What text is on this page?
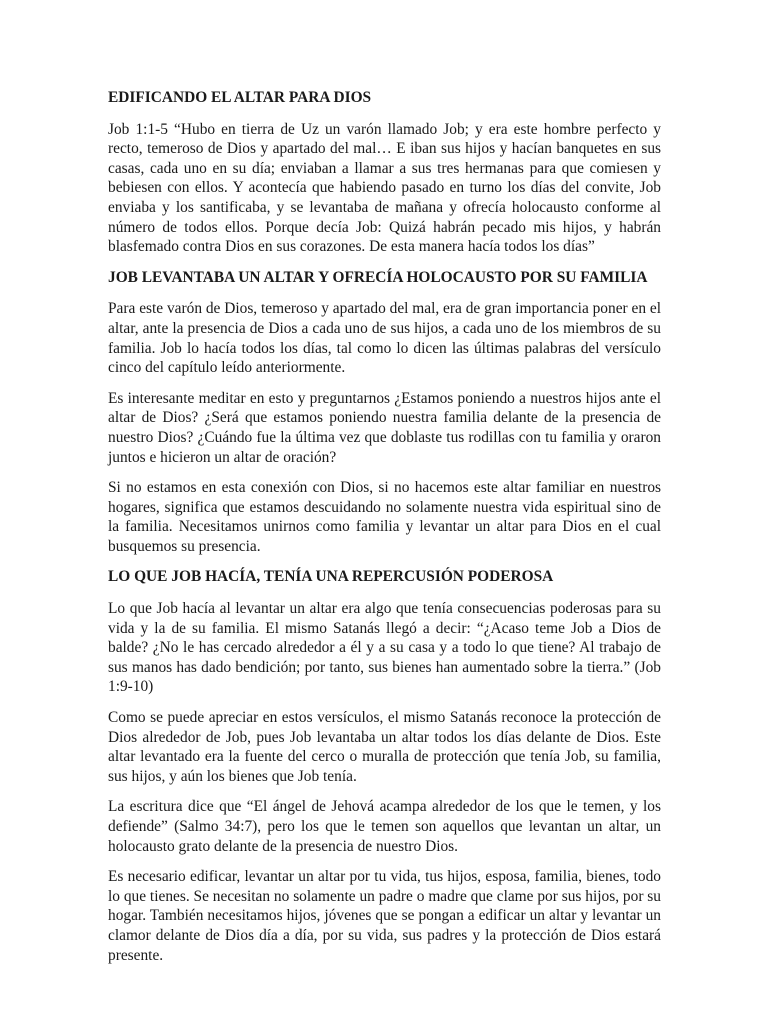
EDIFICANDO EL ALTAR PARA DIOS

Job 1:1-5 “Hubo en tierra de Uz un varón llamado Job; y era este hombre perfecto y recto, temeroso de Dios y apartado del mal… E iban sus hijos y hacían banquetes en sus casas, cada uno en su día; enviaban a llamar a sus tres hermanas para que comiesen y bebiesen con ellos. Y acontecía que habiendo pasado en turno los días del convite, Job enviaba y los santificaba, y se levantaba de mañana y ofrecía holocausto conforme al número de todos ellos. Porque decía Job: Quizá habrán pecado mis hijos, y habrán blasfemado contra Dios en sus corazones. De esta manera hacía todos los días”

JOB LEVANTABA UN ALTAR Y OFRECÍA HOLOCAUSTO POR SU FAMILIA

Para este varón de Dios, temeroso y apartado del mal, era de gran importancia poner en el altar, ante la presencia de Dios a cada uno de sus hijos, a cada uno de los miembros de su familia. Job lo hacía todos los días, tal como lo dicen las últimas palabras del versículo cinco del capítulo leído anteriormente.

Es interesante meditar en esto y preguntarnos ¿Estamos poniendo a nuestros hijos ante el altar de Dios? ¿Será que estamos poniendo nuestra familia delante de la presencia de nuestro Dios? ¿Cuándo fue la última vez que doblaste tus rodillas con tu familia y oraron juntos e hicieron un altar de oración?

Si no estamos en esta conexión con Dios, si no hacemos este altar familiar en nuestros hogares, significa que estamos descuidando no solamente nuestra vida espiritual sino de la familia. Necesitamos unirnos como familia y levantar un altar para Dios en el cual busquemos su presencia.

LO QUE JOB HACÍA, TENÍA UNA REPERCUSIÓN PODEROSA

Lo que Job hacía al levantar un altar era algo que tenía consecuencias poderosas para su vida y la de su familia. El mismo Satanás llegó a decir: “¿Acaso teme Job a Dios de balde? ¿No le has cercado alrededor a él y a su casa y a todo lo que tiene? Al trabajo de sus manos has dado bendición; por tanto, sus bienes han aumentado sobre la tierra.” (Job 1:9-10)

Como se puede apreciar en estos versículos, el mismo Satanás reconoce la protección de Dios alrededor de Job, pues Job levantaba un altar todos los días delante de Dios. Este altar levantado era la fuente del cerco o muralla de protección que tenía Job, su familia, sus hijos, y aún los bienes que Job tenía.

La escritura dice que “El ángel de Jehová acampa alrededor de los que le temen, y los defiende” (Salmo 34:7), pero los que le temen son aquellos que levantan un altar, un holocausto grato delante de la presencia de nuestro Dios.

Es necesario edificar, levantar un altar por tu vida, tus hijos, esposa, familia, bienes, todo lo que tienes. Se necesitan no solamente un padre o madre que clame por sus hijos, por su hogar. También necesitamos hijos, jóvenes que se pongan a edificar un altar y levantar un clamor delante de Dios día a día, por su vida, sus padres y la protección de Dios estará presente.
